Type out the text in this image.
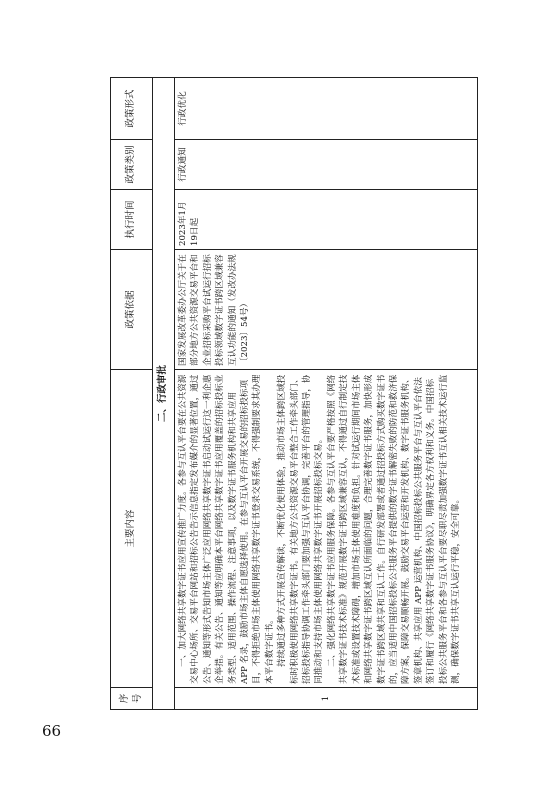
66
序号	主要内容	政策依据	执行时间	政策类别	政策形式
二、行政审批					
1	一、加大网络共享数字证书应用宣传推广力度。各参与互认平台要在公共资源交易中心场所、交易平台网站和招标公告告示信息指定发布媒介的显著位置，通过公告、通知等形式告知市场主体广泛应用网络共享数字证书启动试运行这一利企惠企举措。有关公告、通知等应明确本平台网络共享数字证书应用覆盖的招标投标业务类型、适用范围、操作流程、注意事项，以及数字证书服务机构和共享应用 APP 名录，鼓励市场主体自愿选择使用。在参与互认平台开展交易的招标投标项目，不得拒绝市场主体使用网络共享数字证书登录交易系统，不得强制要求其办理本平台数字证书。 持续通过多种方式开展宣传解读，不断优化使用体验，推动市场主体跨区域投标时积极使用网络共享数字证书。有关地方公共资源交易平台整合工作牵头部门、招标投标指导协调工作牵头部门要加强与互认平台协调，完善平台的管理指导，协同推动和支持市场主体使用网络共享数字证书开展招标投标交易。 二、强化网络共享数字证书应用服务保障。各参与互认平台要严格按照《网络共享数字证书技术标准》规范开展数字证书跨区域兼容互认，不得通过自行制定技术标准或设置技术障碍，增加市场主体使用难度和负担。针对试运行期间市场主体和网络共享数字证书跨区域互认所面临的问题，合理完善数字证书服务，加快形成数字证书跨区域共享和互认工作。自行研发部署或者通过招投标方式购买数字证书的，应当适用中国招标投标公共服务平台提供的数字证书解密失败的防范和救济保障方案，保障交易顺畅开展。鼓励交易平台运营和开发机构、数字证书服务机构、签章机构、共享应用 APP 运营机构、中国招标投标公共服务平台与互认平台依法签订和履行《网络共享数字证书服务协议》，明确界定各方权利和义务。中国招标投标公共服务平台和各参与互认平台要尽职尽责加强数字证书互认相关技术运行监测，确保数字证书共享互认运行平稳，安全可靠。	国家发展改革委办公厅关于在部分地方公共资源交易平台和企业招标采购平台试运行招标投标领域数字证书跨区域兼容互认功能的通知（发改办法规〔2023〕54号）	2023年1月19日起	行政通知	行政优化
